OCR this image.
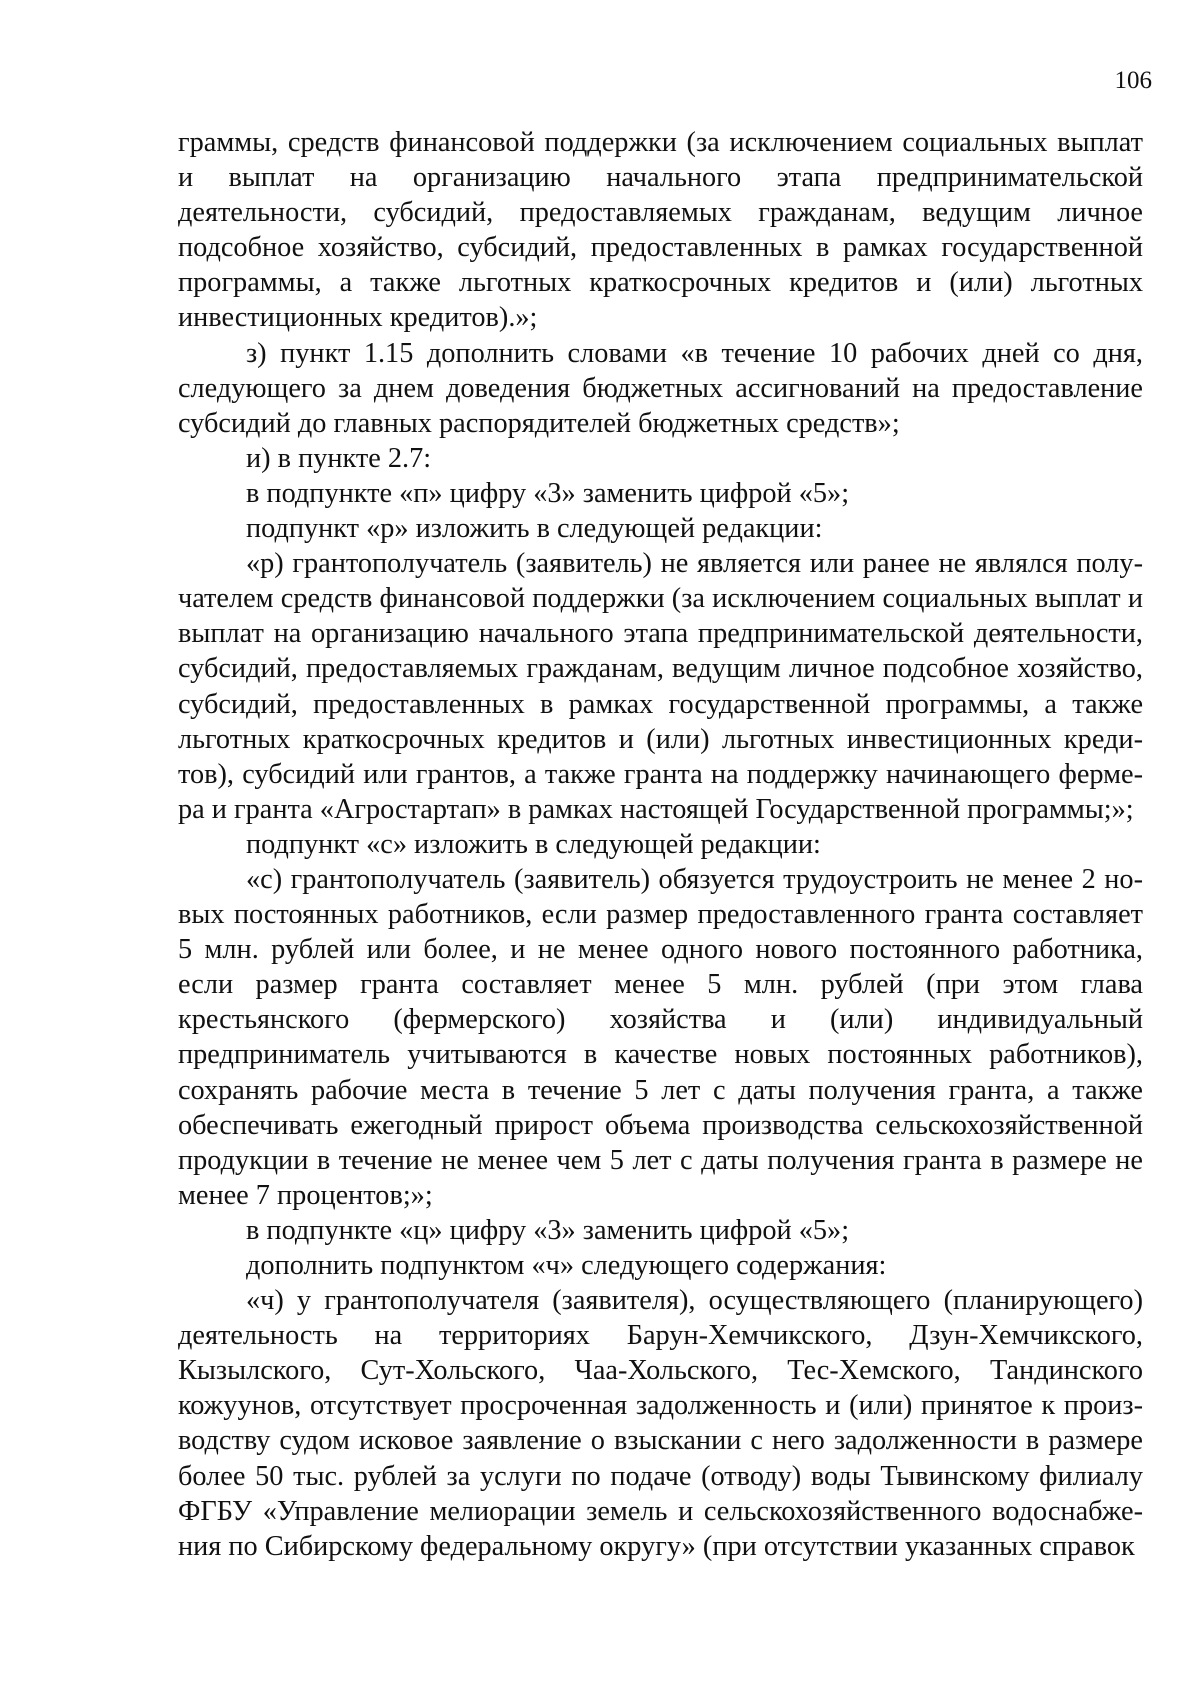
106

граммы, средств финансовой поддержки (за исключением социальных выплат и выплат на организацию начального этапа предпринимательской деятельности, субсидий, предоставляемых гражданам, ведущим личное подсобное хозяйство, субсидий, предоставленных в рамках государственной программы, а также льготных краткосрочных кредитов и (или) льготных инвестиционных кредитов).»;

з) пункт 1.15 дополнить словами «в течение 10 рабочих дней со дня, следующего за днем доведения бюджетных ассигнований на предоставление субсидий до главных распорядителей бюджетных средств»;

и) в пункте 2.7:

в подпункте «п» цифру «3» заменить цифрой «5»;

подпункт «р» изложить в следующей редакции:

«р) грантополучатель (заявитель) не является или ранее не являлся получателем средств финансовой поддержки (за исключением социальных выплат и выплат на организацию начального этапа предпринимательской деятельности, субсидий, предоставляемых гражданам, ведущим личное подсобное хозяйство, субсидий, предоставленных в рамках государственной программы, а также льготных краткосрочных кредитов и (или) льготных инвестиционных кредитов), субсидий или грантов, а также гранта на поддержку начинающего фермера и гранта «Агростартап» в рамках настоящей Государственной программы;»;

подпункт «с» изложить в следующей редакции:

«с) грантополучатель (заявитель) обязуется трудоустроить не менее 2 новых постоянных работников, если размер предоставленного гранта составляет 5 млн. рублей или более, и не менее одного нового постоянного работника, если размер гранта составляет менее 5 млн. рублей (при этом глава крестьянского (фермерского) хозяйства и (или) индивидуальный предприниматель учитываются в качестве новых постоянных работников), сохранять рабочие места в течение 5 лет с даты получения гранта, а также обеспечивать ежегодный прирост объема производства сельскохозяйственной продукции в течение не менее чем 5 лет с даты получения гранта в размере не менее 7 процентов;»;

в подпункте «ц» цифру «3» заменить цифрой «5»;

дополнить подпунктом «ч» следующего содержания:

«ч) у грантополучателя (заявителя), осуществляющего (планирующего) деятельность на территориях Барун-Хемчикского, Дзун-Хемчикского, Кызылского, Сут-Хольского, Чаа-Хольского, Тес-Хемского, Тандинского кожуунов, отсутствует просроченная задолженность и (или) принятое к производству судом исковое заявление о взыскании с него задолженности в размере более 50 тыс. рублей за услуги по подаче (отводу) воды Тывинскому филиалу ФГБУ «Управление мелиорации земель и сельскохозяйственного водоснабжения по Сибирскому федеральному округу» (при отсутствии указанных справок
